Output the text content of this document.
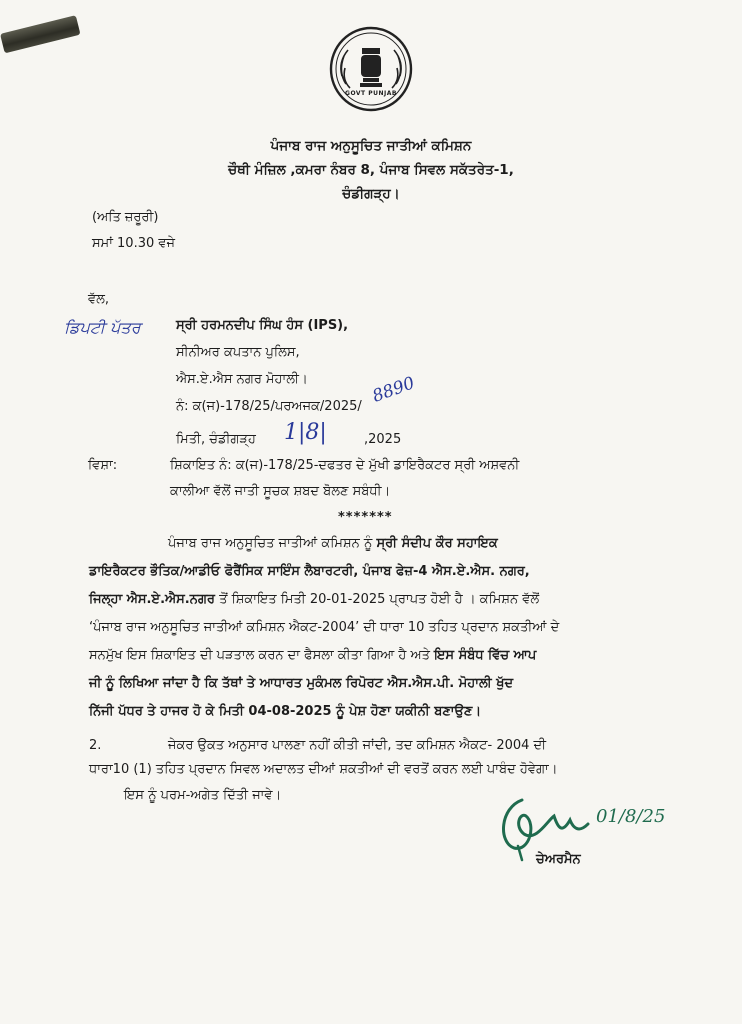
GOVT PUNJAB
ਪੰਜਾਬ ਰਾਜ ਅਨੁਸੂਚਿਤ ਜਾਤੀਆਂ ਕਮਿਸ਼ਨ
ਚੌਥੀ ਮੰਜ਼ਿਲ ,ਕਮਰਾ ਨੰਬਰ 8, ਪੰਜਾਬ ਸਿਵਲ ਸਕੱਤਰੇਤ-1,
ਚੰਡੀਗੜ੍ਹ।
(ਅਤਿ ਜ਼ਰੂਰੀ)
ਸਮਾਂ 10.30 ਵਜੇ
ਵੱਲ,
ਡਿਪਟੀ ਪੱਤਰ	ਸ੍ਰੀ ਹਰਮਨਦੀਪ ਸਿੰਘ ਹੰਸ (IPS),
ਸੀਨੀਅਰ ਕਪਤਾਨ ਪੁਲਿਸ,
ਐਸ.ਏ.ਐਸ ਨਗਰ ਮੋਹਾਲੀ।
ਨੰ: ਕ(ਜ)-178/25/ਪਰਅਜਕ/2025/ 8890
ਮਿਤੀ, ਚੰਡੀਗੜ੍ਹ 1|8|	,2025
ਵਿਸ਼ਾ:	ਸ਼ਿਕਾਇਤ ਨੰ: ਕ(ਜ)-178/25-ਦਫਤਰ ਦੇ ਮੁੱਖੀ ਡਾਇਰੈਕਟਰ ਸ੍ਰੀ ਅਸ਼ਵਨੀ
ਕਾਲੀਆ ਵੱਲੋਂ ਜਾਤੀ ਸੂਚਕ ਸ਼ਬਦ ਬੋਲਣ ਸਬੰਧੀ।
*******
ਪੰਜਾਬ ਰਾਜ ਅਨੁਸੂਚਿਤ ਜਾਤੀਆਂ ਕਮਿਸ਼ਨ ਨੂੰ ਸ੍ਰੀ ਸੰਦੀਪ ਕੌਰ ਸਹਾਇਕ
ਡਾਇਰੈਕਟਰ ਭੌਤਿਕ/ਆਡੀਓ ਫੋਰੈਂਸਿਕ ਸਾਇੰਸ ਲੈਬਾਰਟਰੀ, ਪੰਜਾਬ ਫੇਜ਼-4 ਐਸ.ਏ.ਐਸ. ਨਗਰ,
ਜਿਲ੍ਹਾ ਐਸ.ਏ.ਐਸ.ਨਗਰ ਤੋਂ ਸ਼ਿਕਾਇਤ ਮਿਤੀ 20-01-2025 ਪ੍ਰਾਪਤ ਹੋਈ ਹੈ । ਕਮਿਸ਼ਨ ਵੱਲੋਂ
‘ਪੰਜਾਬ ਰਾਜ ਅਨੁਸੂਚਿਤ ਜਾਤੀਆਂ ਕਮਿਸ਼ਨ ਐਕਟ-2004’ ਦੀ ਧਾਰਾ 10 ਤਹਿਤ ਪ੍ਰਦਾਨ ਸ਼ਕਤੀਆਂ ਦੇ
ਸਨਮੁੱਖ ਇਸ ਸ਼ਿਕਾਇਤ ਦੀ ਪੜਤਾਲ ਕਰਨ ਦਾ ਫੈਸਲਾ ਕੀਤਾ ਗਿਆ ਹੈ ਅਤੇ ਇਸ ਸੰਬੰਧ ਵਿੱਚ ਆਪ
ਜੀ ਨੂੰ ਲਿਖਿਆ ਜਾਂਦਾ ਹੈ ਕਿ ਤੱਥਾਂ ਤੇ ਆਧਾਰਤ ਮੁਕੰਮਲ ਰਿਪੋਰਟ ਐਸ.ਐਸ.ਪੀ. ਮੋਹਾਲੀ ਖੁੱਦ
ਨਿੱਜੀ ਪੱਧਰ ਤੇ ਹਾਜਰ ਹੋ ਕੇ ਮਿਤੀ 04-08-2025 ਨੂੰ ਪੇਸ਼ ਹੋਣਾ ਯਕੀਨੀ ਬਣਾਉਣ।
2.	ਜੇਕਰ ਉਕਤ ਅਨੁਸਾਰ ਪਾਲਣਾ ਨਹੀਂ ਕੀਤੀ ਜਾਂਦੀ, ਤਦ ਕਮਿਸ਼ਨ ਐਕਟ- 2004 ਦੀ
ਧਾਰਾ10 (1) ਤਹਿਤ ਪ੍ਰਦਾਨ ਸਿਵਲ ਅਦਾਲਤ ਦੀਆਂ ਸ਼ਕਤੀਆਂ ਦੀ ਵਰਤੋਂ ਕਰਨ ਲਈ ਪਾਬੰਦ ਹੋਵੇਗਾ।
ਇਸ ਨੂੰ ਪਰਮ-ਅਗੇਤ ਦਿੱਤੀ ਜਾਵੇ।
01/8/25
ਚੇਅਰਮੈਨ
